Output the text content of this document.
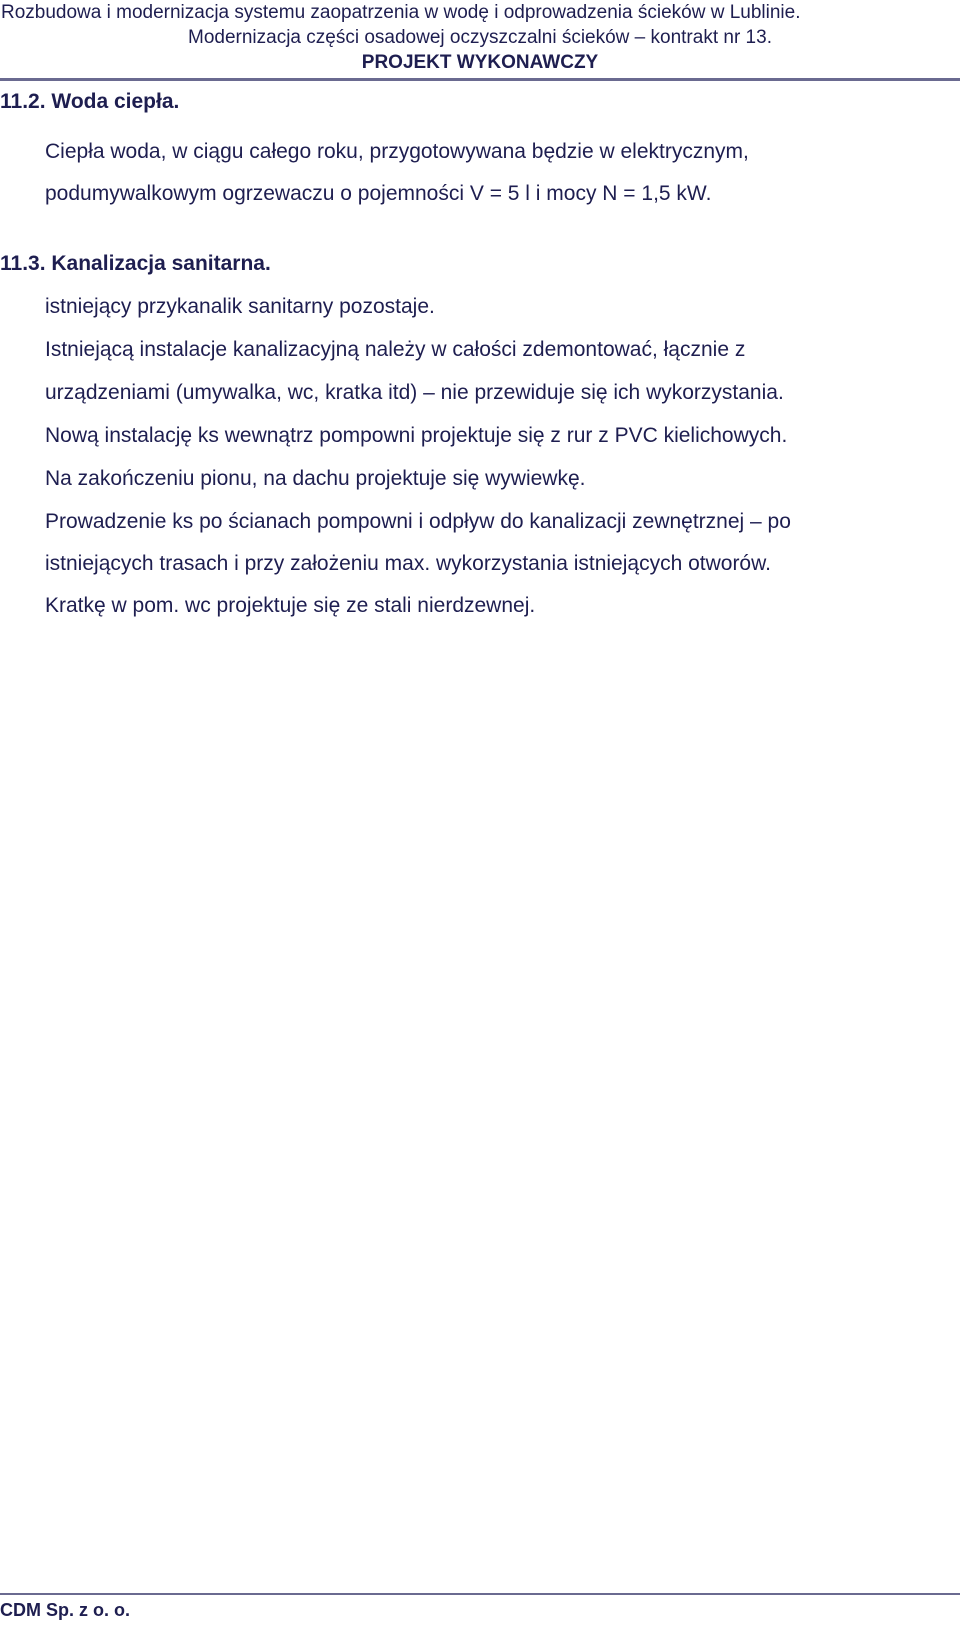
Rozbudowa i modernizacja systemu zaopatrzenia w wodę i odprowadzenia ścieków w Lublinie.
Modernizacja części osadowej oczyszczalni ścieków – kontrakt nr 13.
PROJEKT WYKONAWCZY
11.2. Woda ciepła.
Ciepła woda, w ciągu całego roku, przygotowywana będzie w elektrycznym,
podumywalkowym ogrzewaczu o pojemności V = 5 l i mocy N = 1,5 kW.
11.3. Kanalizacja sanitarna.
istniejący przykanalik sanitarny pozostaje.
Istniejącą instalacje kanalizacyjną należy w całości zdemontować, łącznie z
urządzeniami (umywalka, wc, kratka itd) – nie przewiduje się ich wykorzystania.
Nową instalację ks wewnątrz pompowni projektuje się z rur z PVC kielichowych.
Na zakończeniu pionu, na dachu projektuje się wywiewkę.
Prowadzenie ks po ścianach pompowni i odpływ do kanalizacji zewnętrznej – po
istniejących trasach i przy założeniu max. wykorzystania istniejących otworów.
Kratkę w pom. wc projektuje się ze stali nierdzewnej.
CDM Sp. z o. o.
